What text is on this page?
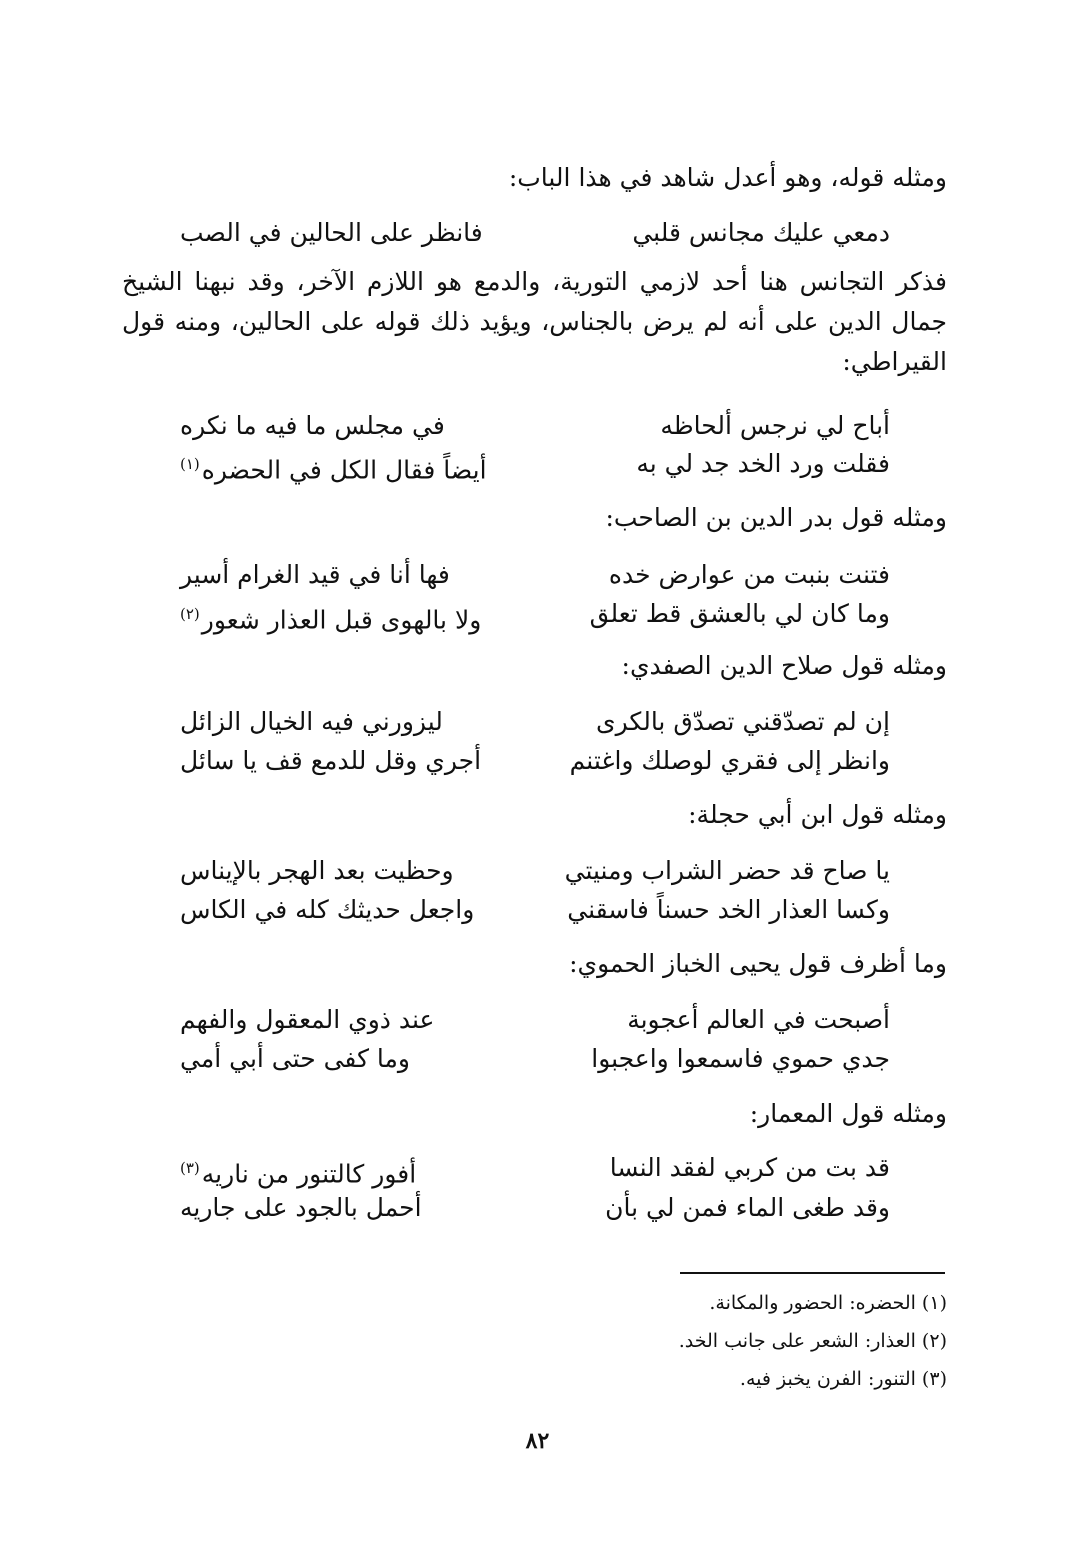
ومثله قوله، وهو أعدل شاهد في هذا الباب:
دمعي عليك مجانس قلبي
فانظر على الحالين في الصب
فذكر التجانس هنا أحد لازمي التورية، والدمع هو اللازم الآخر، وقد نبهنا الشيخ جمال الدين على أنه لم يرض بالجناس، ويؤيد ذلك قوله على الحالين، ومنه قول القيراطي:
أباح لي نرجس ألحاظه
في مجلس ما فيه ما نكره
فقلت ورد الخد جد لي به
أيضاً فقال الكل في الحضره$^{(١)}$
ومثله قول بدر الدين بن الصاحب:
فتنت بنبت من عوارض خده
فها أنا في قيد الغرام أسير
وما كان لي بالعشق قط تعلق
ولا بالهوى قبل العذار شعور$^{(٢)}$
ومثله قول صلاح الدين الصفدي:
إن لم تصدّقني تصدّق بالكرى
ليزورني فيه الخيال الزائل
وانظر إلى فقري لوصلك واغتنم
أجري وقل للدمع قف يا سائل
ومثله قول ابن أبي حجلة:
يا صاح قد حضر الشراب ومنيتي
وحظيت بعد الهجر بالإيناس
وكسا العذار الخد حسناً فاسقني
واجعل حديثك كله في الكاس
وما أظرف قول يحيى الخباز الحموي:
أصبحت في العالم أعجوبة
عند ذوي المعقول والفهم
جدي حموي فاسمعوا واعجبوا
وما كفى حتى أبي أمي
ومثله قول المعمار:
قد بت من كربي لفقد النسا
أفور كالتنور من ناريه$^{(٣)}$
وقد طغى الماء فمن لي بأن
أحمل بالجود على جاريه
(١) الحضره: الحضور والمكانة.
(٢) العذار: الشعر على جانب الخد.
(٣) التنور: الفرن يخبز فيه.
٨٢
